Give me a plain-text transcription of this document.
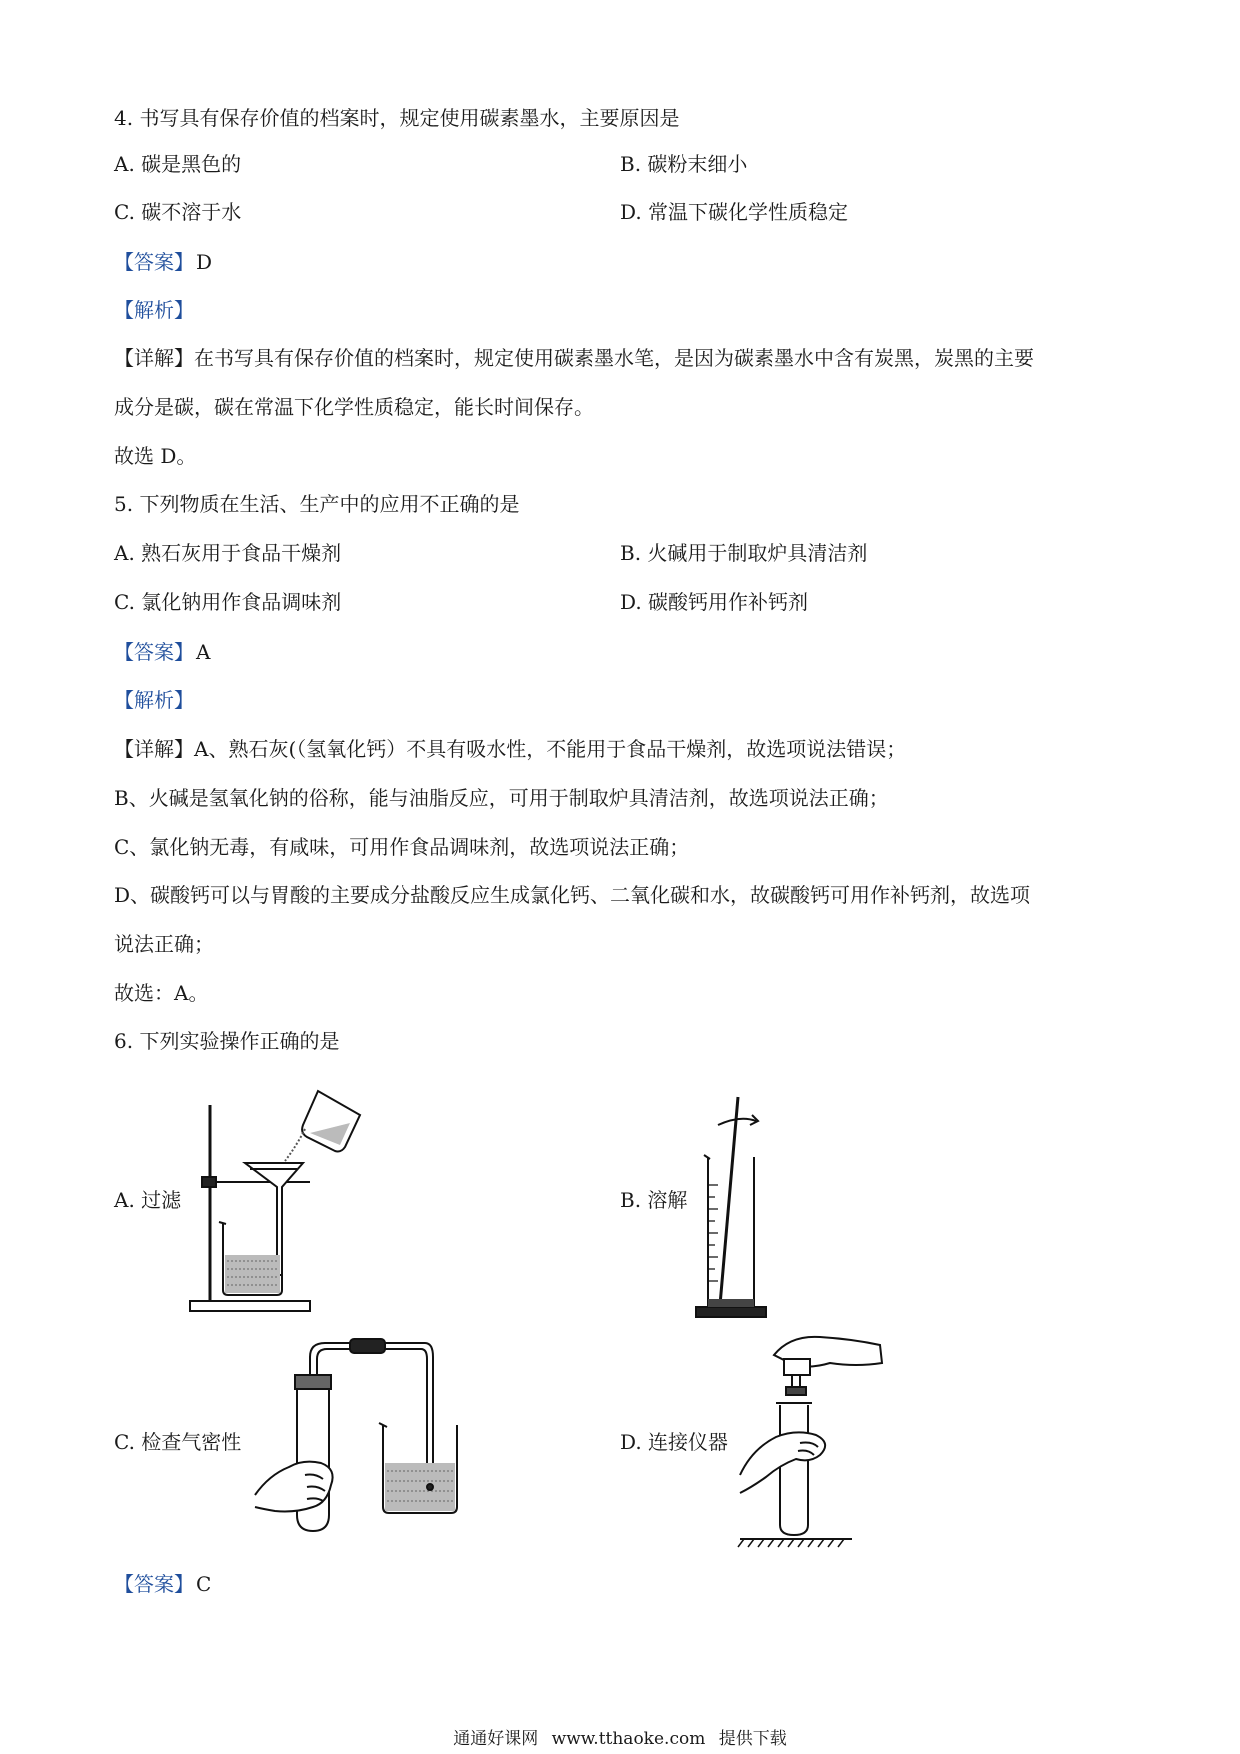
4. 书写具有保存价值的档案时，规定使用碳素墨水，主要原因是
A. 碳是黑色的	B. 碳粉末细小
C. 碳不溶于水	D. 常温下碳化学性质稳定
【答案】 D
【解析】
【详解】在书写具有保存价值的档案时，规定使用碳素墨水笔，是因为碳素墨水中含有炭黑，炭黑的主要
成分是碳，碳在常温下化学性质稳定，能长时间保存。
故选 D。
5. 下列物质在生活、生产中的应用不正确的是
A. 熟石灰用于食品干燥剂	B. 火碱用于制取炉具清洁剂
C. 氯化钠用作食品调味剂	D. 碳酸钙用作补钙剂
【答案】 A
【解析】
【详解】A、熟石灰(（氢氧化钙）不具有吸水性，不能用于食品干燥剂，故选项说法错误；
B、火碱是氢氧化钠的俗称，能与油脂反应，可用于制取炉具清洁剂，故选项说法正确；
C、氯化钠无毒，有咸味，可用作食品调味剂，故选项说法正确；
D、碳酸钙可以与胃酸的主要成分盐酸反应生成氯化钙、二氧化碳和水，故碳酸钙可用作补钙剂，故选项
说法正确；
故选：A。
6. 下列实验操作正确的是
A. 过滤	B. 溶解
C. 检查气密性	D. 连接仪器
【答案】 C
通通好课网 www.tthaoke.com 提供下载
